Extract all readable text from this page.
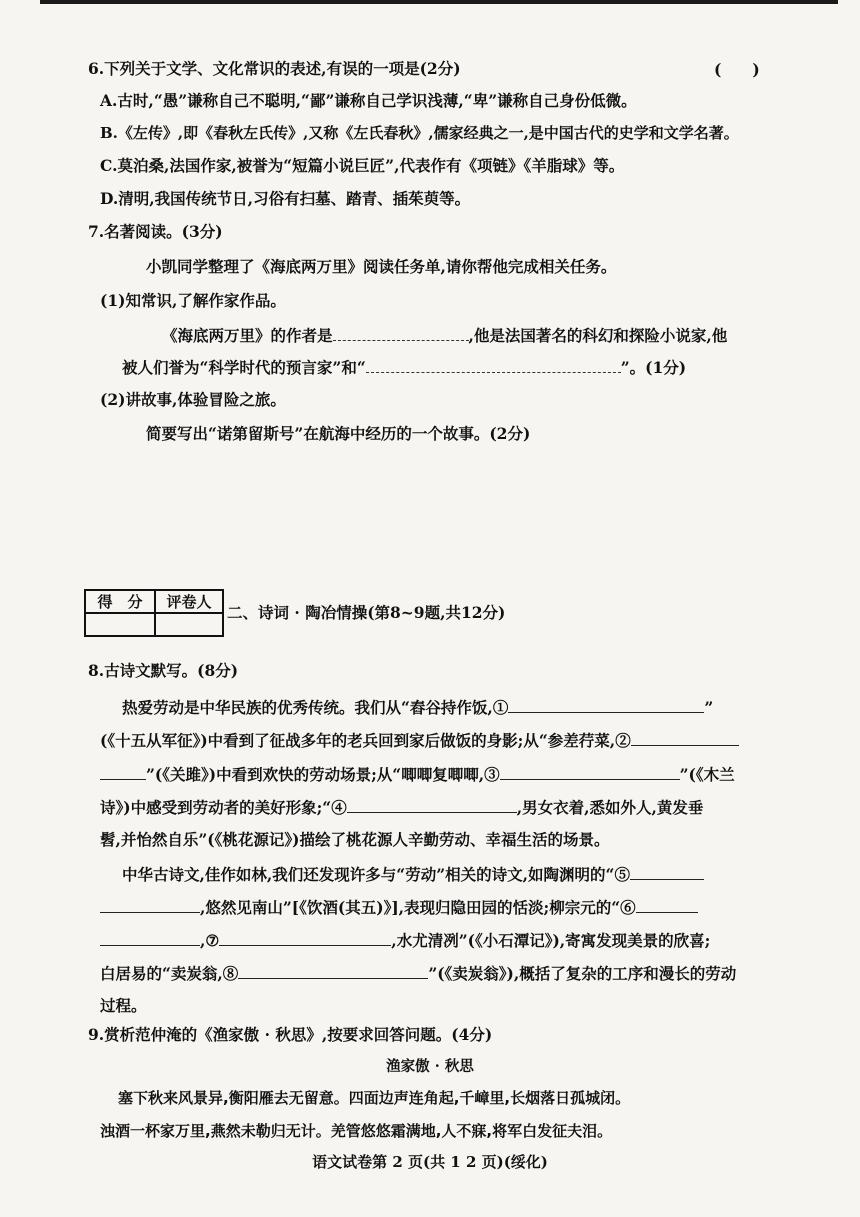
6.下列关于文学、文化常识的表述,有误的一项是(2分)	(　　)
A.古时,“愚”谦称自己不聪明,“鄙”谦称自己学识浅薄,“卑”谦称自己身份低微。
B.《左传》,即《春秋左氏传》,又称《左氏春秋》,儒家经典之一,是中国古代的史学和文学名著。
C.莫泊桑,法国作家,被誉为“短篇小说巨匠”,代表作有《项链》《羊脂球》等。
D.清明,我国传统节日,习俗有扫墓、踏青、插茱萸等。
7.名著阅读。(3分)
小凯同学整理了《海底两万里》阅读任务单,请你帮他完成相关任务。
(1)知常识,了解作家作品。
《海底两万里》的作者是	,他是法国著名的科幻和探险小说家,他
被人们誉为“科学时代的预言家”和“	”。(1分)
(2)讲故事,体验冒险之旅。
简要写出“诺第留斯号”在航海中经历的一个故事。(2分)
得　分	评卷人

二、诗词 · 陶冶情操(第8~9题,共12分)
8.古诗文默写。(8分)
热爱劳动是中华民族的优秀传统。我们从“舂谷持作饭,①	”
(《十五从军征》)中看到了征战多年的老兵回到家后做饭的身影;从“参差荇菜,②
”(《关雎》)中看到欢快的劳动场景;从“唧唧复唧唧,③	”(《木兰
诗》)中感受到劳动者的美好形象;“④	,男女衣着,悉如外人,黄发垂
髫,并怡然自乐”(《桃花源记》)描绘了桃花源人辛勤劳动、幸福生活的场景。
中华古诗文,佳作如林,我们还发现许多与“劳动”相关的诗文,如陶渊明的“⑤
,悠然见南山”[《饮酒(其五)》],表现归隐田园的恬淡;柳宗元的“⑥
,⑦	,水尤清冽”(《小石潭记》),寄寓发现美景的欣喜;
白居易的“卖炭翁,⑧	”(《卖炭翁》),概括了复杂的工序和漫长的劳动
过程。
9.赏析范仲淹的《渔家傲 · 秋思》,按要求回答问题。(4分)
渔家傲 · 秋思
塞下秋来风景异,衡阳雁去无留意。四面边声连角起,千嶂里,长烟落日孤城闭。
浊酒一杯家万里,燕然未勒归无计。羌管悠悠霜满地,人不寐,将军白发征夫泪。
语文试卷第 2 页(共 1 2 页)(绥化)
